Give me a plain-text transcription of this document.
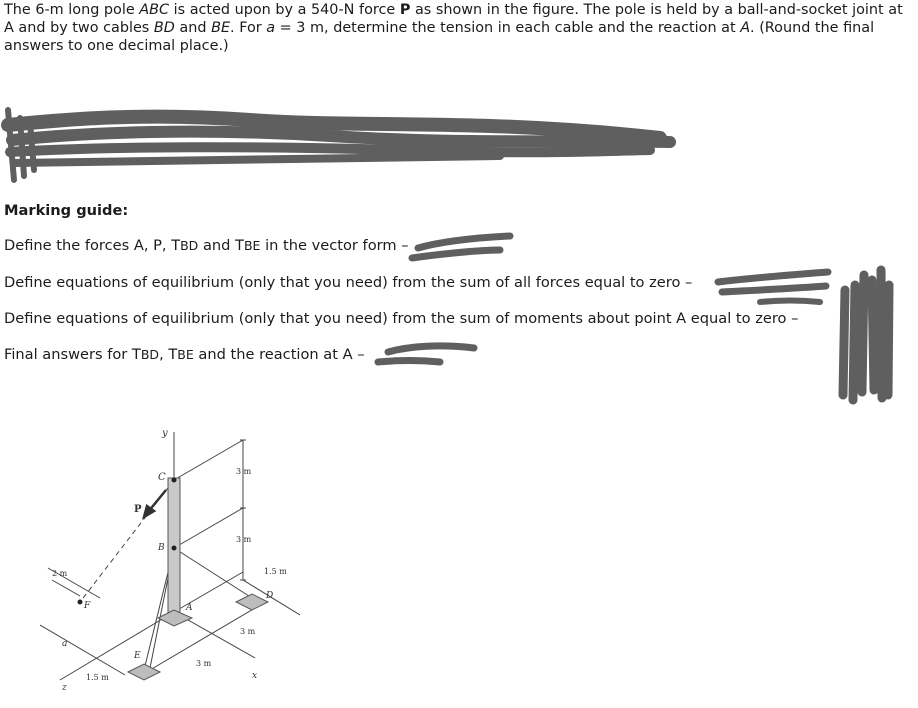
The 6-m long pole ABC is acted upon by a 540-N force P as shown in the figure. The pole is held by a ball-and-socket joint at A and by two cables BD and BE. For a = 3 m, determine the tension in each cable and the reaction at A. (Round the final answers to one decimal place.)

Marking guide:
Define the forces A, P, TBD and TBE in the vector form –
Define equations of equilibrium (only that you need) from the sum of all forces equal to zero –
Define equations of equilibrium (only that you need) from the sum of moments about point A equal to zero –
Final answers for TBD, TBE and the reaction at A –
y
C
P
B
A
D
E
F
x
z
a
3 m
3 m
1.5 m
2 m
3 m
3 m
1.5 m
